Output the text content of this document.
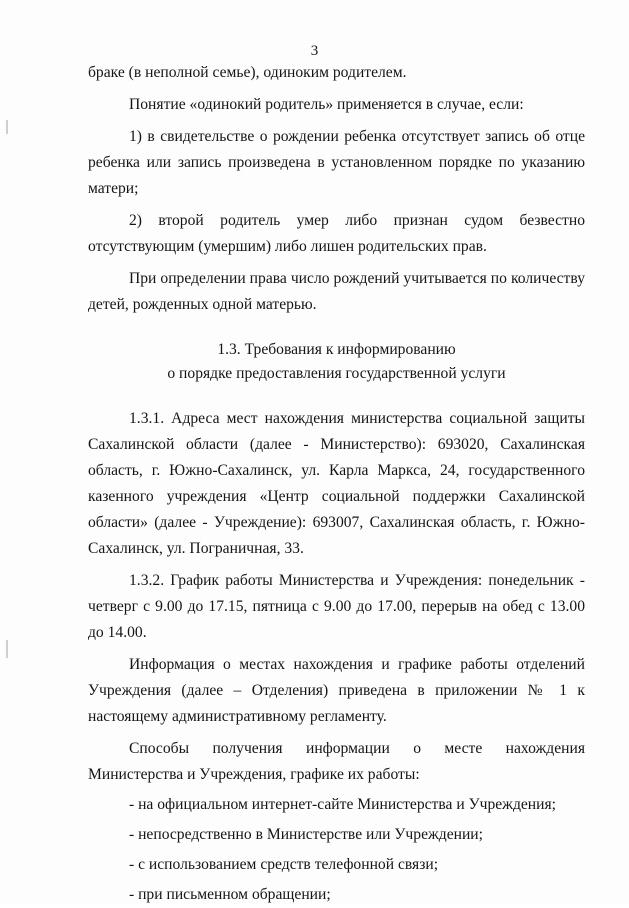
3

браке (в неполной семье), одиноким родителем.

Понятие «одинокий родитель» применяется в случае, если:

1) в свидетельстве о рождении ребенка отсутствует запись об отце ребенка или запись произведена в установленном порядке по указанию матери;

2) второй родитель умер либо признан судом безвестно отсутствующим (умершим) либо лишен родительских прав.

При определении права число рождений учитывается по количеству детей, рожденных одной матерью.

1.3. Требования к информированию
о порядке предоставления государственной услуги

1.3.1. Адреса мест нахождения министерства социальной защиты Сахалинской области (далее - Министерство): 693020, Сахалинская область, г. Южно-Сахалинск, ул. Карла Маркса, 24, государственного казенного учреждения «Центр социальной поддержки Сахалинской области» (далее - Учреждение): 693007, Сахалинская область, г. Южно-Сахалинск, ул. Пограничная, 33.

1.3.2. График работы Министерства и Учреждения: понедельник - четверг с 9.00 до 17.15, пятница с 9.00 до 17.00, перерыв на обед с 13.00 до 14.00.

Информация о местах нахождения и графике работы отделений Учреждения (далее – Отделения) приведена в приложении № 1 к настоящему административному регламенту.

Способы получения информации о месте нахождения Министерства и Учреждения, графике их работы:

- на официальном интернет-сайте Министерства и Учреждения;

- непосредственно в Министерстве или Учреждении;

- с использованием средств телефонной связи;

- при письменном обращении;
